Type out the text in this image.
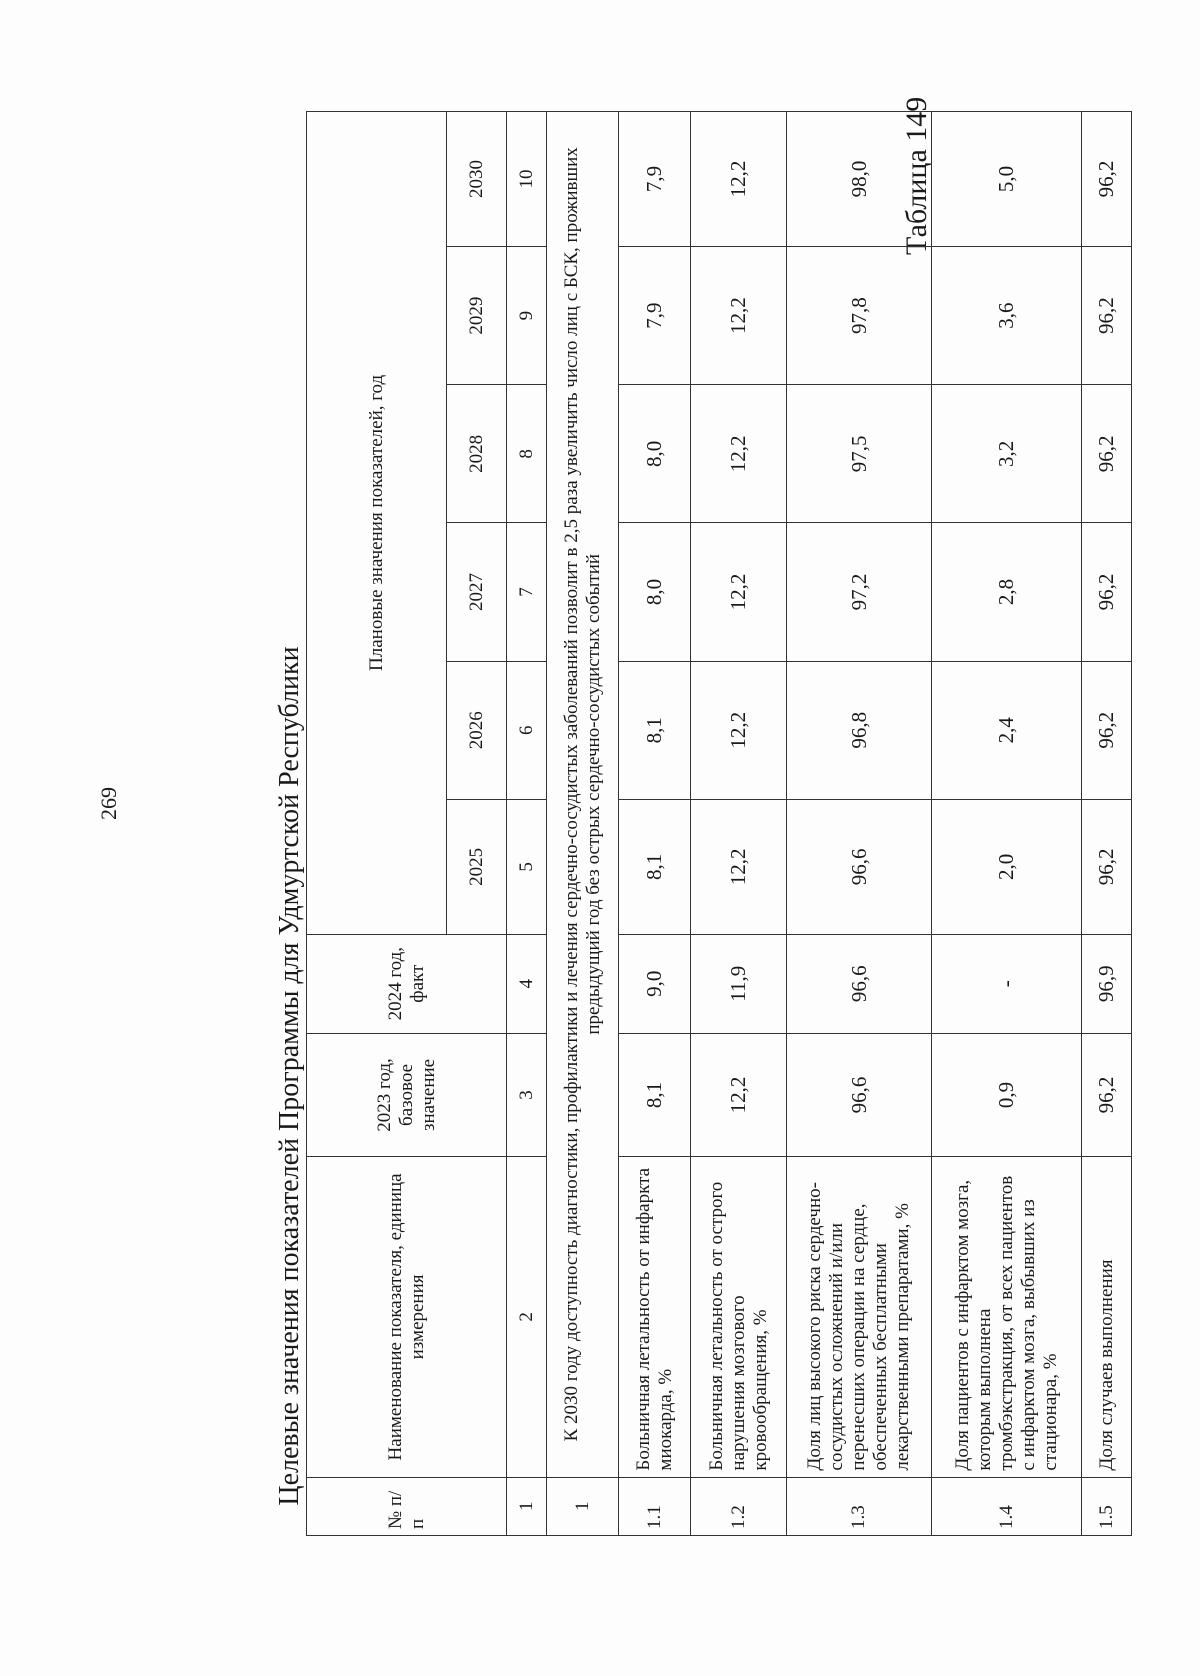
269
Таблица 149
Целевые значения показателей Программы для Удмуртской Республики
№ п/п	Наименование показателя, единица измерения	2023 год, базовое значение	2024 год, факт	Плановые значения показателей, год					
				2025	2026	2027	2028	2029	2030
1	2	3	4	5	6	7	8	9	10
1	К 2030 году доступность диагностики, профилактики и лечения сердечно-сосудистых заболеваний позволит в 2,5 раза увеличить число лиц с БСК, проживших предыдущий год без острых сердечно-сосудистых событий								
1.1	Больничная летальность от инфаркта миокарда, %	8,1	9,0	8,1	8,1	8,0	8,0	7,9	7,9
1.2	Больничная летальность от острого нарушения мозгового кровообращения, %	12,2	11,9	12,2	12,2	12,2	12,2	12,2	12,2
1.3	Доля лиц высокого риска сердечно-сосудистых осложнений и/или перенесших операции на сердце, обеспеченных бесплатными лекарственными препаратами, %	96,6	96,6	96,6	96,8	97,2	97,5	97,8	98,0
1.4	Доля пациентов с инфарктом мозга, которым выполнена тромбэкстракция, от всех пациентов с инфарктом мозга, выбывших из стационара, %	0,9	-	2,0	2,4	2,8	3,2	3,6	5,0
1.5	Доля случаев выполнения	96,2	96,9	96,2	96,2	96,2	96,2	96,2	96,2
